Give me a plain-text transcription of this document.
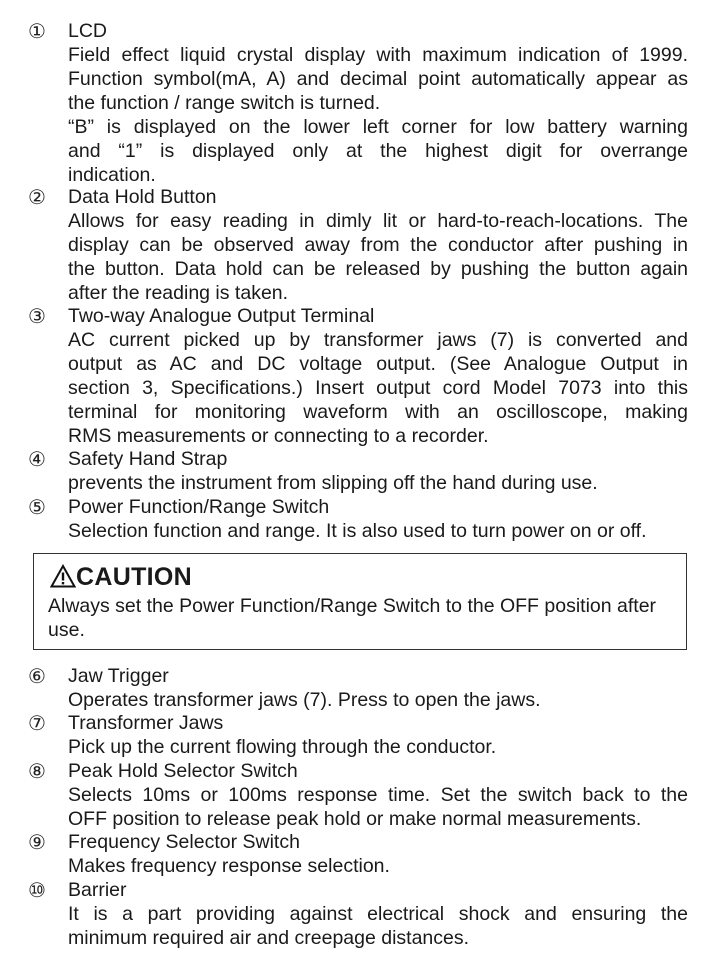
① LCD
Field effect liquid crystal display with maximum indication of 1999.
Function symbol(mA, A) and decimal point automatically appear as
the function / range switch is turned.
“B” is displayed on the lower left corner for low battery warning
and “1” is displayed only at the highest digit for overrange
indication.
② Data Hold Button
Allows for easy reading in dimly lit or hard-to-reach-locations. The
display can be observed away from the conductor after pushing in
the button. Data hold can be released by pushing the button again
after the reading is taken.
③ Two-way Analogue Output Terminal
AC current picked up by transformer jaws (7) is converted and
output as AC and DC voltage output. (See Analogue Output in
section 3, Specifications.) Insert output cord Model 7073 into this
terminal for monitoring waveform with an oscilloscope, making
RMS measurements or connecting to a recorder.
④ Safety Hand Strap
prevents the instrument from slipping off the hand during use.
⑤ Power Function/Range Switch
Selection function and range. It is also used to turn power on or off.
CAUTION
Always set the Power Function/Range Switch to the OFF position after use.
⑥ Jaw Trigger
Operates transformer jaws (7). Press to open the jaws.
⑦ Transformer Jaws
Pick up the current flowing through the conductor.
⑧ Peak Hold Selector Switch
Selects 10ms or 100ms response time. Set the switch back to the
OFF position to release peak hold or make normal measurements.
⑨ Frequency Selector Switch
Makes frequency response selection.
⑩ Barrier
It is a part providing against electrical shock and ensuring the
minimum required air and creepage distances.
